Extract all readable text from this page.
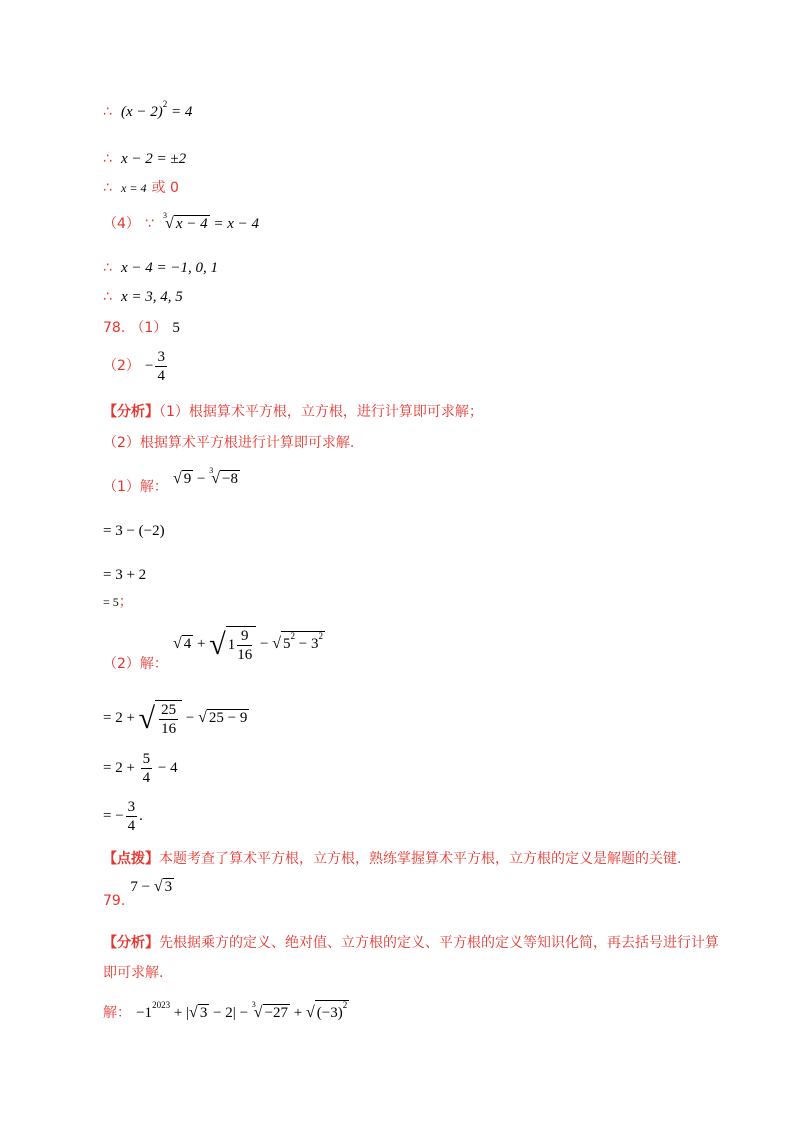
∴ $(x - 2)^2 = 4$
∴ x − 2 = ±2
∴ x = 4 或 0
（4） ∵ $^3$√ x − 4 = x − 4
∴ x − 4 = −1, 0, 1
∴ x = 3, 4, 5
78. （1） 5
$(2) - \frac{3}{4}$
【分析】（1）根据算术平方根，立方根，进行计算即可求解；
（2）根据算术平方根进行计算即可求解.
（1）解： √ 9 − $^3$√ −8
= 3 − (−2)
= 3 + 2
= 5；
（2）解： √ 4 + √ $1 \frac{9}{16}$ − √ $5^2 - 3^2$
= 2 + √ $\frac{25}{16}$ − √ 25 − 9
= $2 + \frac{5}{4} - 4$
= − $\frac{3}{4}$ .
【点拨】本题考查了算术平方根，立方根，熟练掌握算术平方根，立方根的定义是解题的关键.
79. 7 − √ 3
【分析】先根据乘方的定义、绝对值、立方根的定义、平方根的定义等知识化简，再去括号进行计算
即可求解.
解： $-1^{2023}$ + |√ 3 − 2| − $^3$√ −27 + √ $(-3)^2$
